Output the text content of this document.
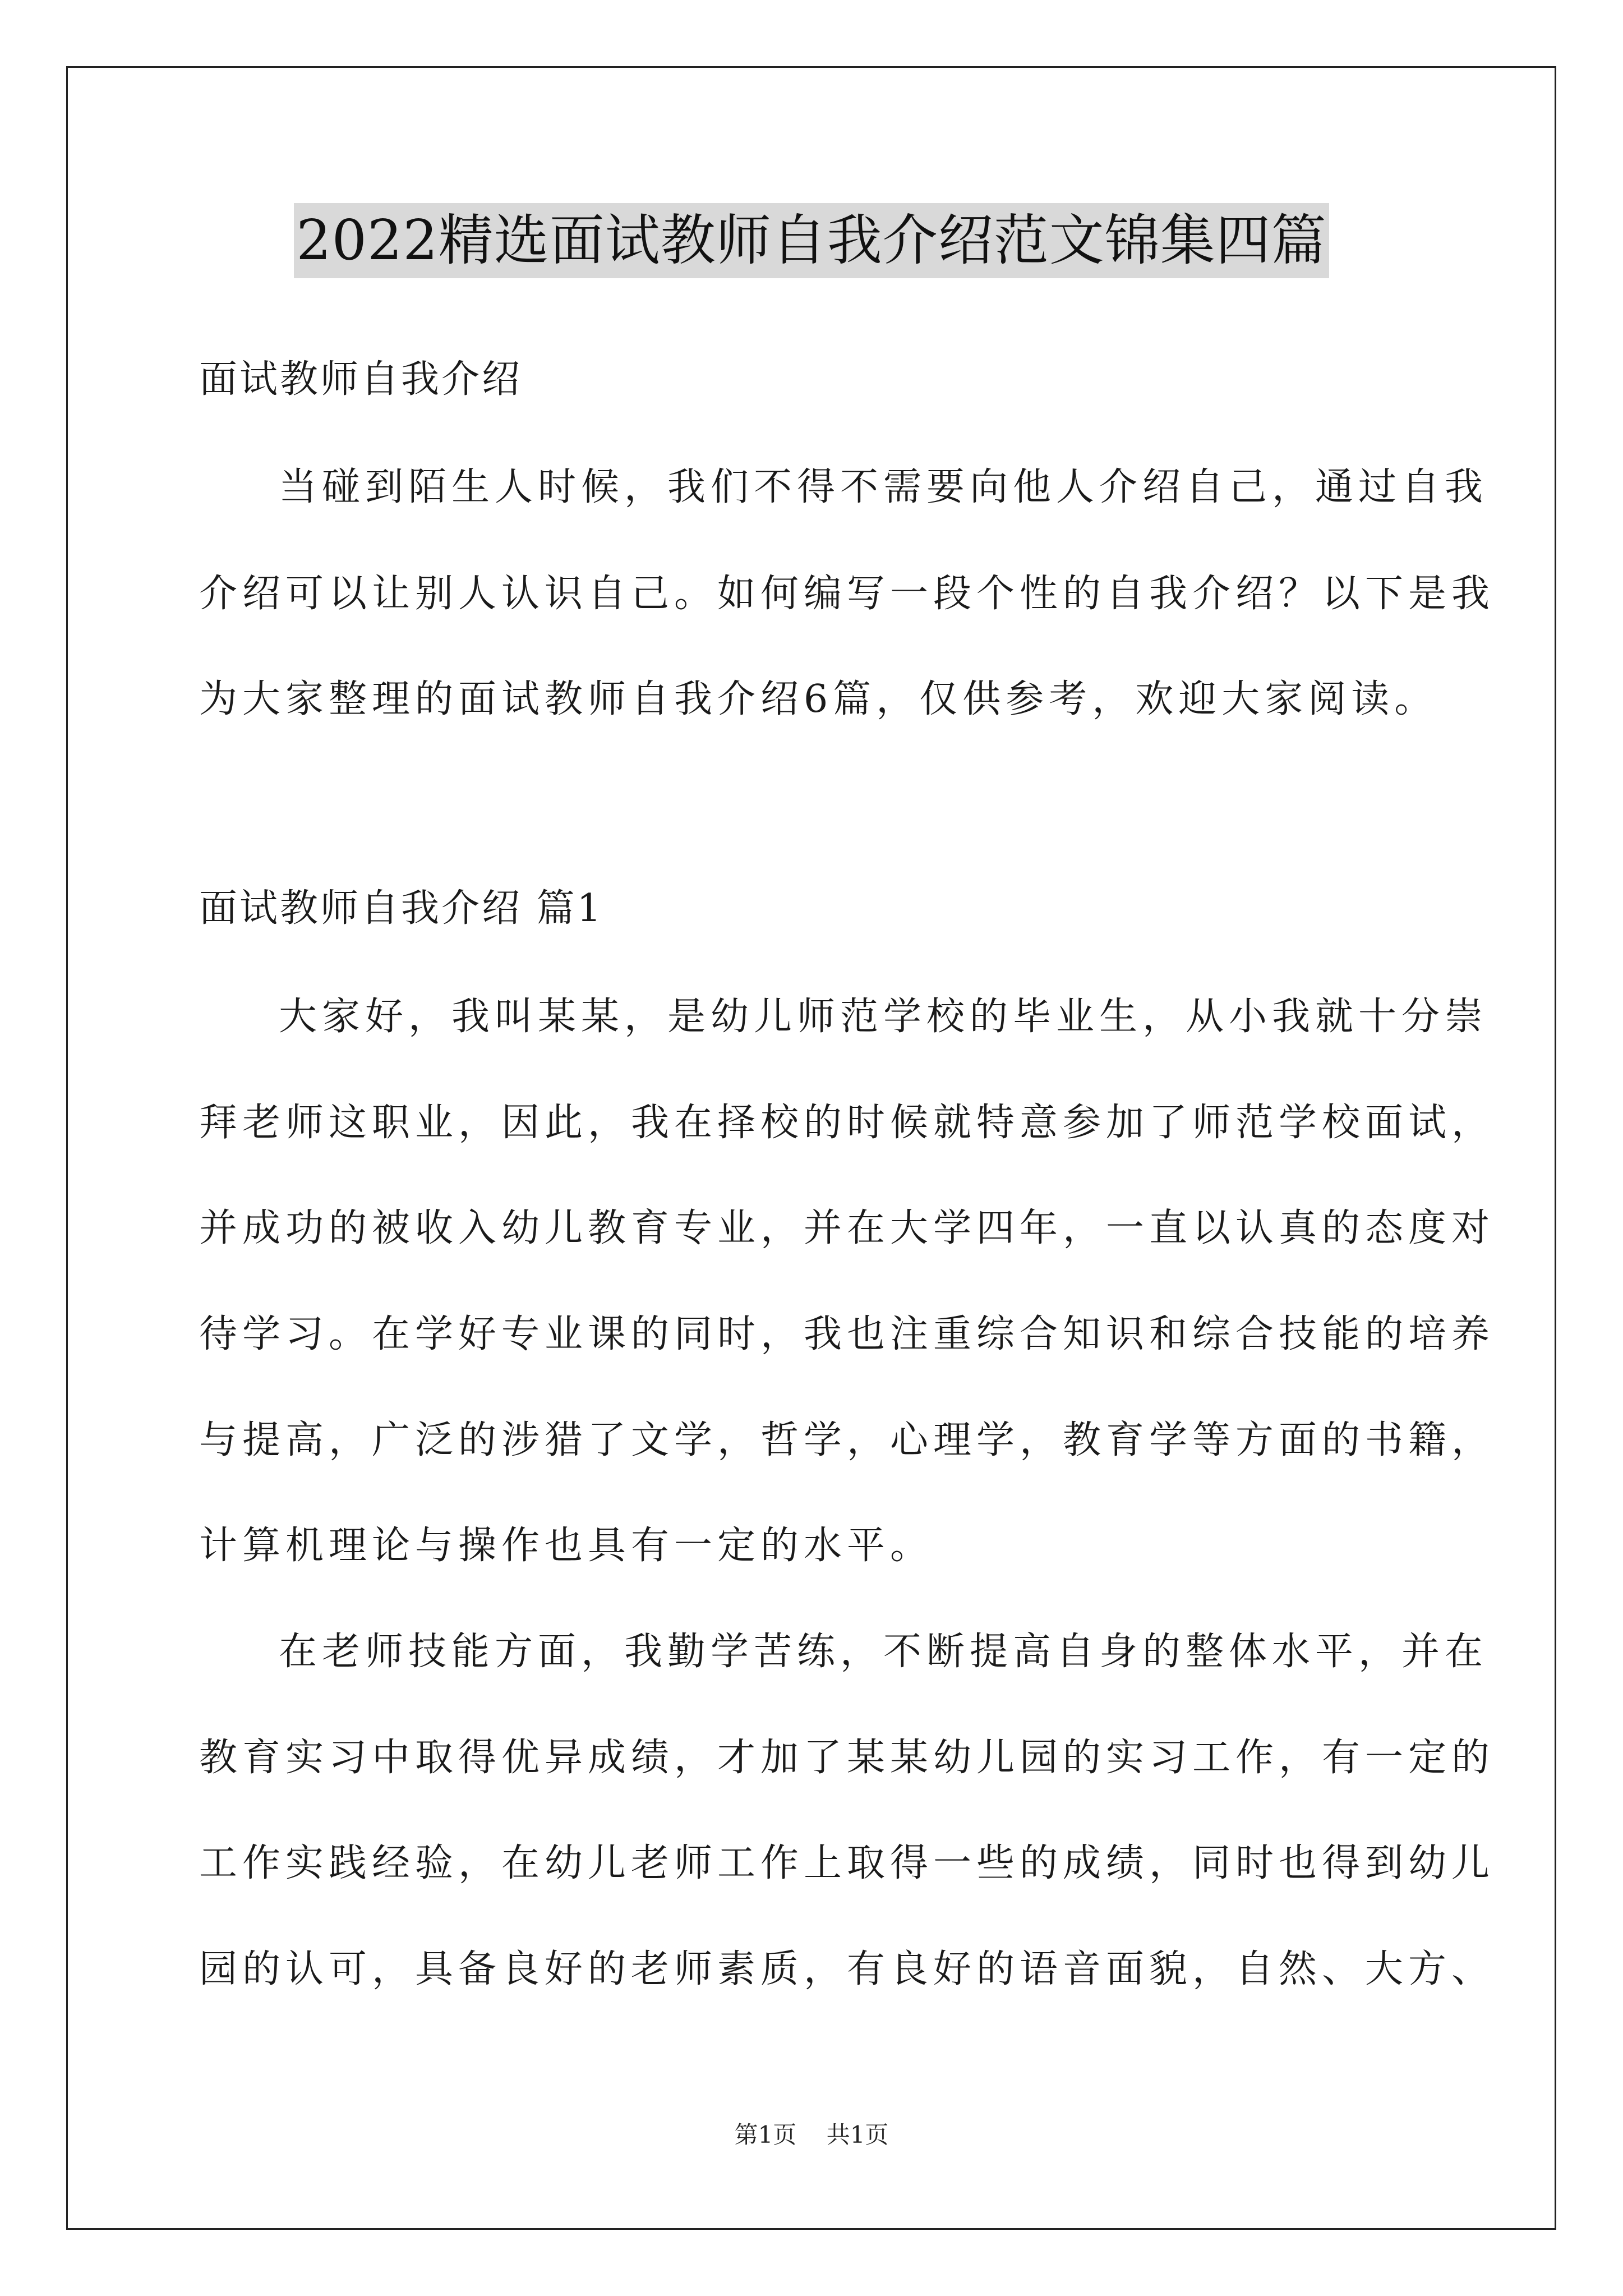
2022精选面试教师自我介绍范文锦集四篇
面试教师自我介绍
当碰到陌生人时候，我们不得不需要向他人介绍自己，通过自我
介绍可以让别人认识自己。如何编写一段个性的自我介绍？以下是我
为大家整理的面试教师自我介绍6篇，仅供参考，欢迎大家阅读。
面试教师自我介绍 篇1
大家好，我叫某某，是幼儿师范学校的毕业生，从小我就十分崇
拜老师这职业，因此，我在择校的时候就特意参加了师范学校面试，
并成功的被收入幼儿教育专业，并在大学四年，一直以认真的态度对
待学习。在学好专业课的同时，我也注重综合知识和综合技能的培养
与提高，广泛的涉猎了文学，哲学，心理学，教育学等方面的书籍，
计算机理论与操作也具有一定的水平。
在老师技能方面，我勤学苦练，不断提高自身的整体水平，并在
教育实习中取得优异成绩，才加了某某幼儿园的实习工作，有一定的
工作实践经验，在幼儿老师工作上取得一些的成绩，同时也得到幼儿
园的认可，具备良好的老师素质，有良好的语音面貌，自然、大方、
第1页 共1页
